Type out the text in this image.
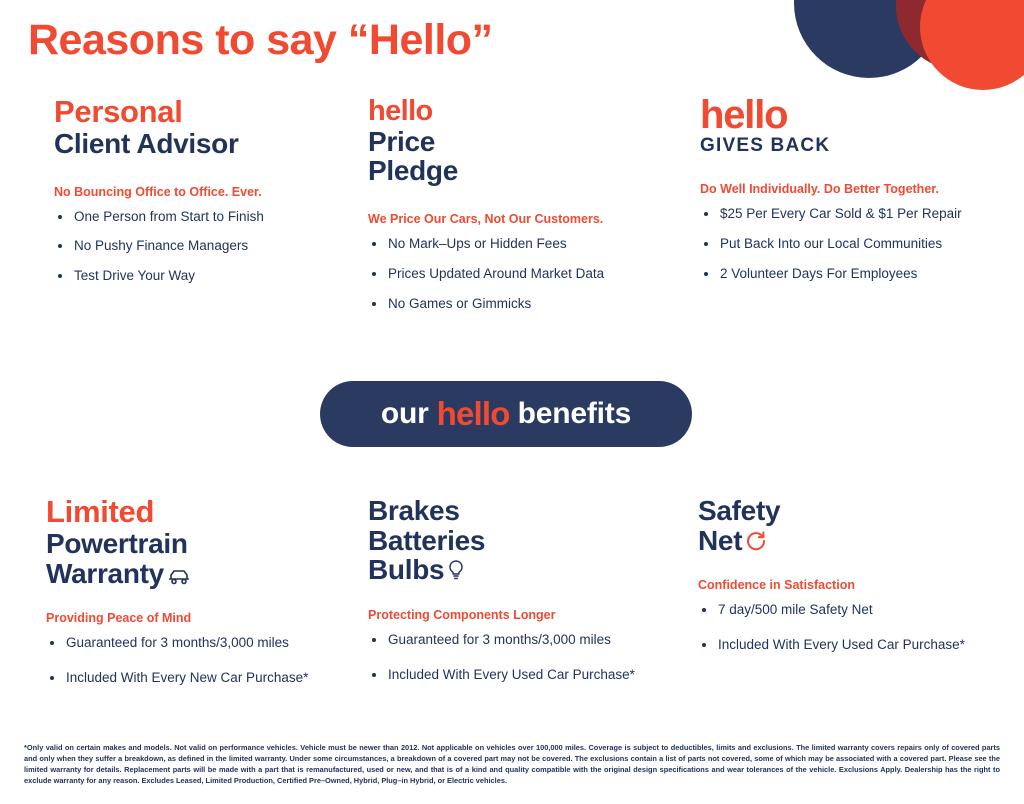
Reasons to say “Hello”
Personal
Client Advisor
No Bouncing Office to Office. Ever.
One Person from Start to Finish
No Pushy Finance Managers
Test Drive Your Way
hello
Price
Pledge
We Price Our Cars, Not Our Customers.
No Mark–Ups or Hidden Fees
Prices Updated Around Market Data
No Games or Gimmicks
hello
GIVES BACK
Do Well Individually. Do Better Together.
$25 Per Every Car Sold & $1 Per Repair
Put Back Into our Local Communities
2 Volunteer Days For Employees
our hello benefits
Limited
Powertrain
Warranty
Providing Peace of Mind
Guaranteed for 3 months/3,000 miles
Included With Every New Car Purchase*
Brakes
Batteries
Bulbs
Protecting Components Longer
Guaranteed for 3 months/3,000 miles
Included With Every Used Car Purchase*
Safety
Net
Confidence in Satisfaction
7 day/500 mile Safety Net
Included With Every Used Car Purchase*
*Only valid on certain makes and models. Not valid on performance vehicles. Vehicle must be newer than 2012. Not applicable on vehicles over 100,000 miles. Coverage is subject to deductibles, limits and exclusions. The limited warranty covers repairs only of covered parts and only when they suffer a breakdown, as defined in the limited warranty. Under some circumstances, a breakdown of a covered part may not be covered. The exclusions contain a list of parts not covered, some of which may be associated with a covered part. Please see the limited warranty for details. Replacement parts will be made with a part that is remanufactured, used or new, and that is of a kind and quality compatible with the original design specifications and wear tolerances of the vehicle. Exclusions Apply. Dealership has the right to exclude warranty for any reason. Excludes Leased, Limited Production, Certified Pre–Owned, Hybrid, Plug–in Hybrid, or Electric vehicles.
